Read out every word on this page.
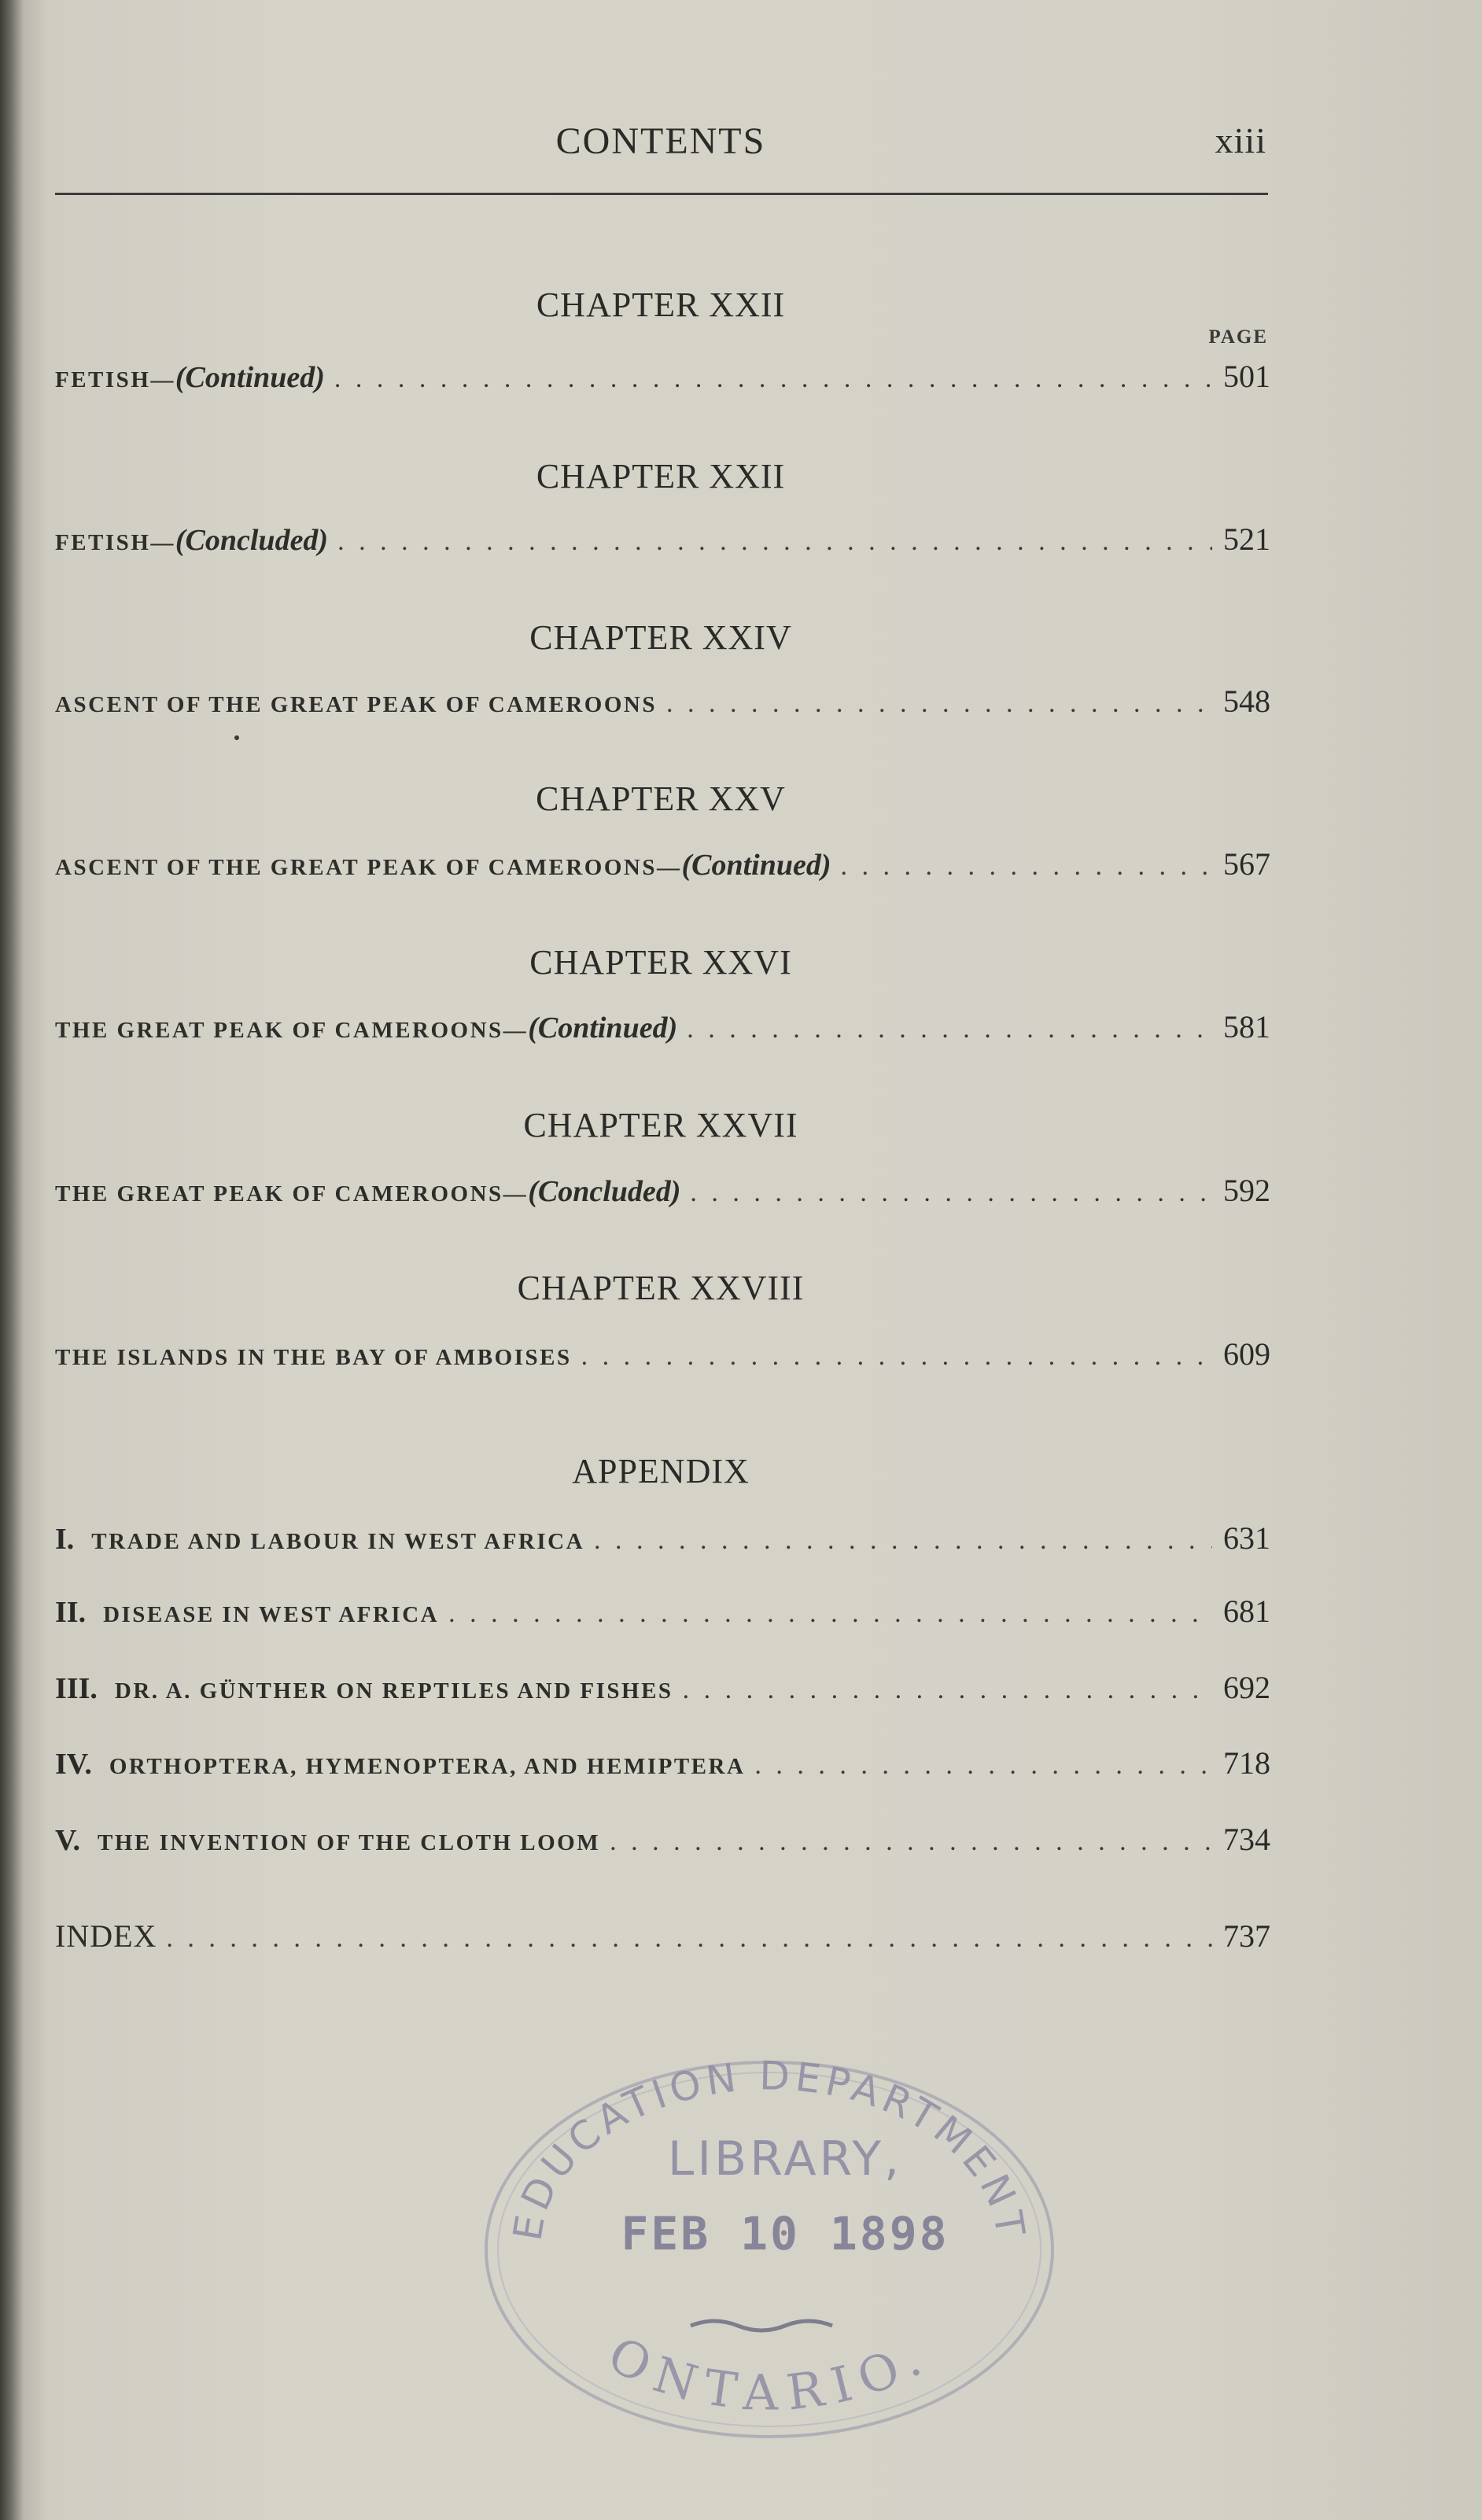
CONTENTS	xiii
CHAPTER XXII
PAGE
FETISH—(Continued) . . .	501
CHAPTER XXII
FETISH—(Concluded) . . .	521
CHAPTER XXIV
ASCENT OF THE GREAT PEAK OF CAMEROONS . . .	548
CHAPTER XXV
ASCENT OF THE GREAT PEAK OF CAMEROONS—(Continued) . . .	567
CHAPTER XXVI
THE GREAT PEAK OF CAMEROONS—(Continued) . . .	581
CHAPTER XXVII
THE GREAT PEAK OF CAMEROONS—(Concluded) . . .	592
CHAPTER XXVIII
THE ISLANDS IN THE BAY OF AMBOISES . . .	609
APPENDIX
I. TRADE AND LABOUR IN WEST AFRICA . . .	631
II. DISEASE IN WEST AFRICA . . .	681
III. DR. A. GÜNTHER ON REPTILES AND FISHES . . .	692
IV. ORTHOPTERA, HYMENOPTERA, AND HEMIPTERA . . .	718
V. THE INVENTION OF THE CLOTH LOOM . . .	734
INDEX . . .	737
EDUCATION DEPARTMENT
LIBRARY,
FEB 10 1898
ONTARIO.
